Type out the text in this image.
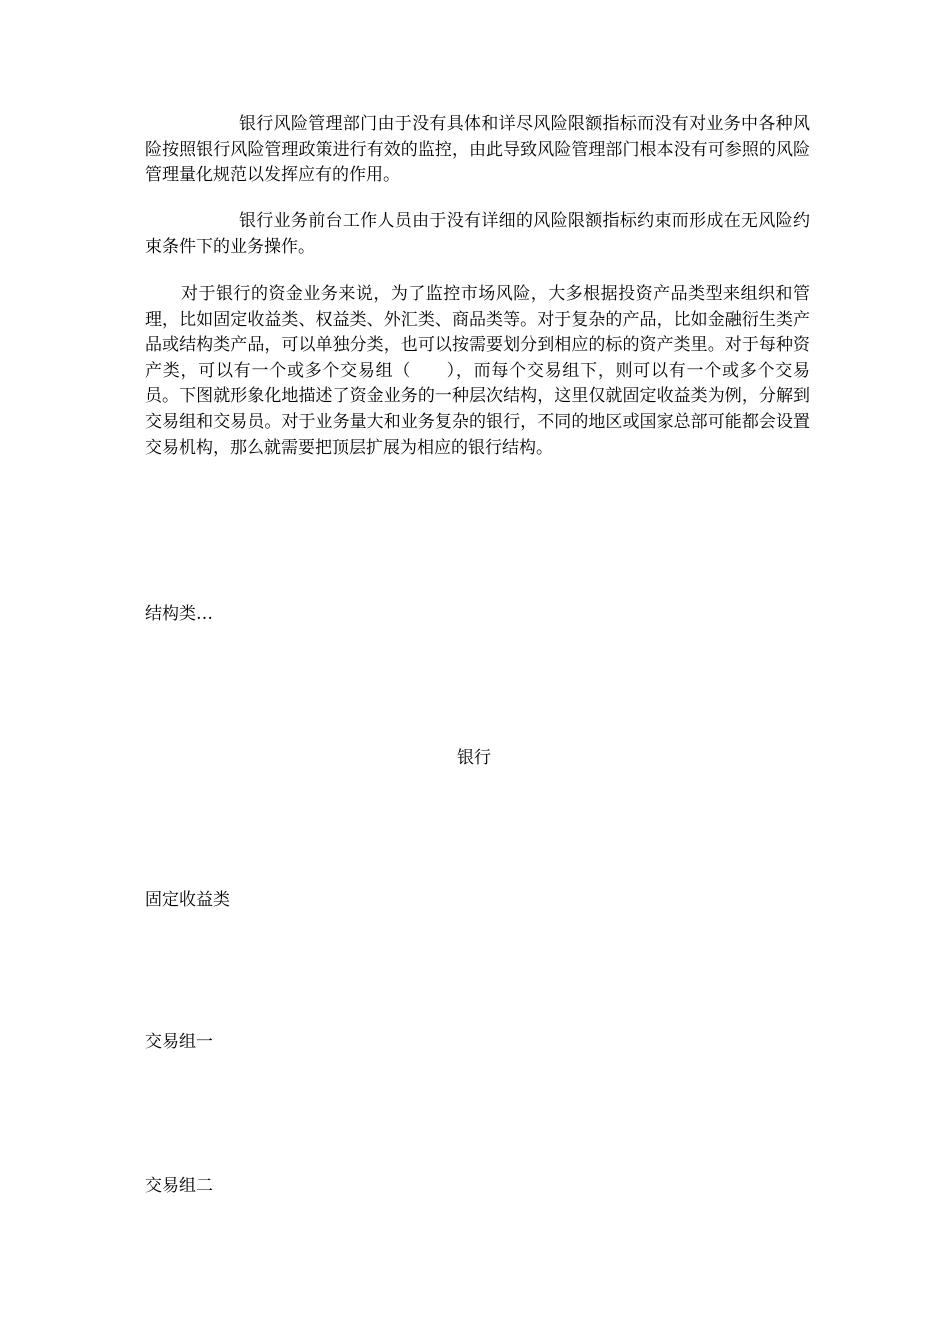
银行风险管理部门由于没有具体和详尽风险限额指标而没有对业务中各种风险按照银行风险管理政策进行有效的监控，由此导致风险管理部门根本没有可参照的风险管理量化规范以发挥应有的作用。

银行业务前台工作人员由于没有详细的风险限额指标约束而形成在无风险约束条件下的业务操作。

对于银行的资金业务来说，为了监控市场风险，大多根据投资产品类型来组织和管理，比如固定收益类、权益类、外汇类、商品类等。对于复杂的产品，比如金融衍生类产品或结构类产品，可以单独分类，也可以按需要划分到相应的标的资产类里。对于每种资产类，可以有一个或多个交易组（　　），而每个交易组下，则可以有一个或多个交易员。下图就形象化地描述了资金业务的一种层次结构，这里仅就固定收益类为例，分解到交易组和交易员。对于业务量大和业务复杂的银行，不同的地区或国家总部可能都会设置交易机构，那么就需要把顶层扩展为相应的银行结构。

结构类…
银行
固定收益类
交易组一
交易组二
